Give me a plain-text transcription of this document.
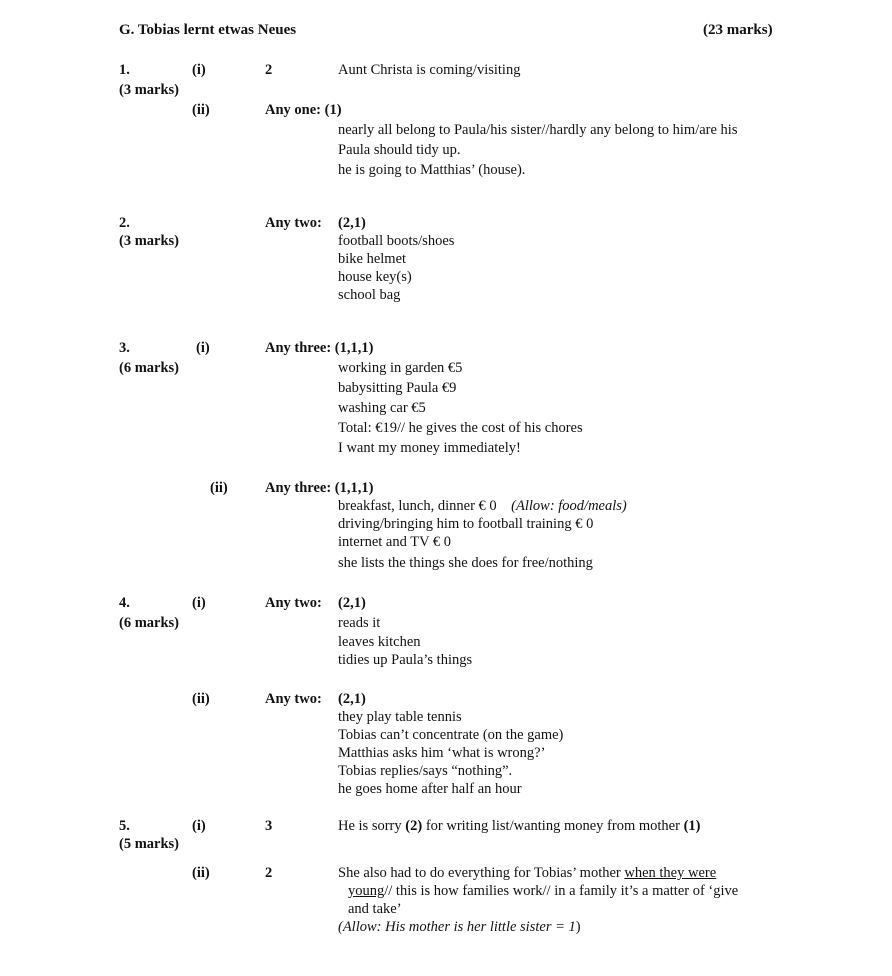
G. Tobias lernt etwas Neues	(23 marks)
1.
(3 marks)
(i)	2	Aunt Christa is coming/visiting
(ii)	Any one: (1)
nearly all belong to Paula/his sister//hardly any belong to him/are his
Paula should tidy up.
he is going to Matthias’ (house).
2.
(3 marks)
Any two: (2,1)
football boots/shoes
bike helmet
house key(s)
school bag
3.
(6 marks)
(i)	Any three: (1,1,1)
working in garden €5
babysitting Paula €9
washing car €5
Total: €19// he gives the cost of his chores
I want my money immediately!
(ii)	Any three: (1,1,1)
breakfast, lunch, dinner € 0 (Allow: food/meals)
driving/bringing him to football training € 0
internet and TV € 0
she lists the things she does for free/nothing
4.
(6 marks)
(i)	Any two: (2,1)
reads it
leaves kitchen
tidies up Paula’s things
(ii)	Any two: (2,1)
they play table tennis
Tobias can’t concentrate (on the game)
Matthias asks him ‘what is wrong?’
Tobias replies/says “nothing”.
he goes home after half an hour
5.
(5 marks)
(i)	3	He is sorry (2) for writing list/wanting money from mother (1)
(ii)	2	She also had to do everything for Tobias’ mother when they were
young// this is how families work// in a family it’s a matter of ‘give
and take’
(Allow: His mother is her little sister = 1)
